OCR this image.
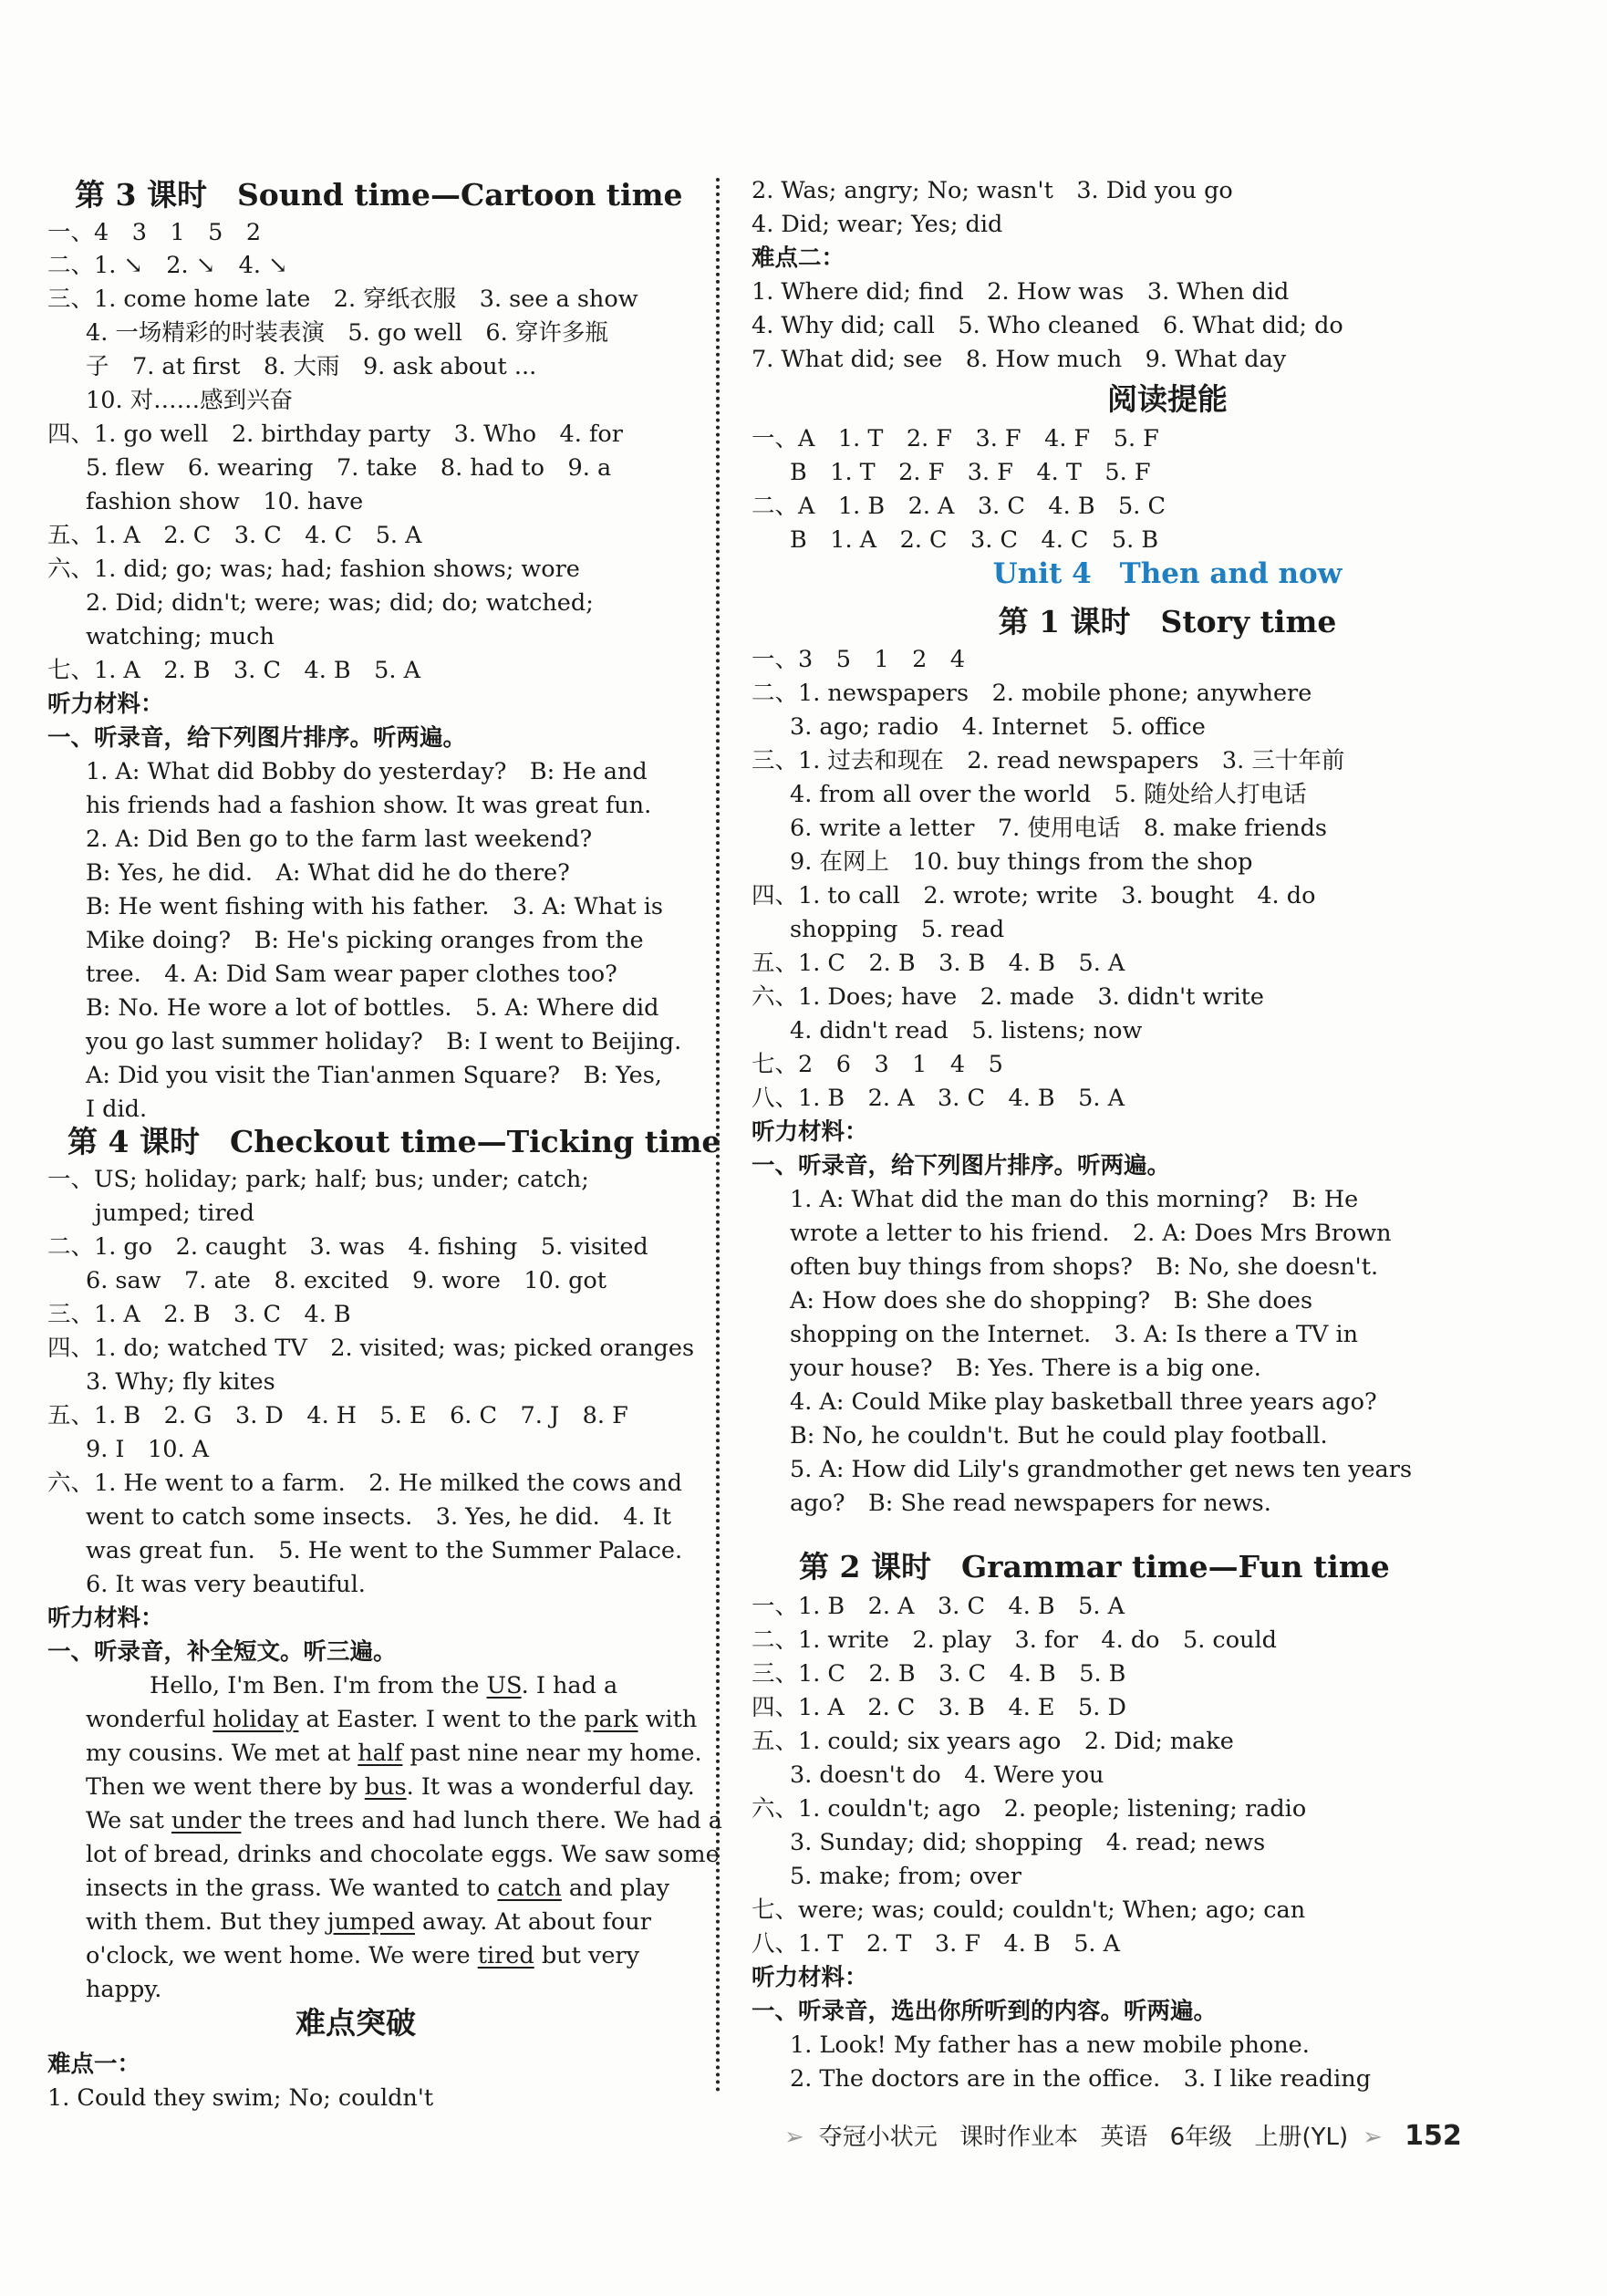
第 3 课时　Sound time—Cartoon time
一、4　3　1　5　2
二、1. ↘　2. ↘　4. ↘
三、1. come home late　2. 穿纸衣服　3. see a show
4. 一场精彩的时装表演　5. go well　6. 穿许多瓶
子　7. at first　8. 大雨　9. ask about ...
10. 对……感到兴奋
四、1. go well　2. birthday party　3. Who　4. for
5. flew　6. wearing　7. take　8. had to　9. a
fashion show　10. have
五、1. A　2. C　3. C　4. C　5. A
六、1. did; go; was; had; fashion shows; wore
2. Did; didn't; were; was; did; do; watched;
watching; much
七、1. A　2. B　3. C　4. B　5. A
听力材料：
一、听录音，给下列图片排序。听两遍。
1. A: What did Bobby do yesterday?　B: He and
his friends had a fashion show. It was great fun.
2. A: Did Ben go to the farm last weekend?
B: Yes, he did.　A: What did he do there?
B: He went fishing with his father.　3. A: What is
Mike doing?　B: He's picking oranges from the
tree.　4. A: Did Sam wear paper clothes too?
B: No. He wore a lot of bottles.　5. A: Where did
you go last summer holiday?　B: I went to Beijing.
A: Did you visit the Tian'anmen Square?　B: Yes,
I did.
第 4 课时　Checkout time—Ticking time
一、US; holiday; park; half; bus; under; catch;
jumped; tired
二、1. go　2. caught　3. was　4. fishing　5. visited
6. saw　7. ate　8. excited　9. wore　10. got
三、1. A　2. B　3. C　4. B
四、1. do; watched TV　2. visited; was; picked oranges
3. Why; fly kites
五、1. B　2. G　3. D　4. H　5. E　6. C　7. J　8. F
9. I　10. A
六、1. He went to a farm.　2. He milked the cows and
went to catch some insects.　3. Yes, he did.　4. It
was great fun.　5. He went to the Summer Palace.
6. It was very beautiful.
听力材料：
一、听录音，补全短文。听三遍。
Hello, I'm Ben. I'm from the US. I had a
wonderful holiday at Easter. I went to the park with
my cousins. We met at half past nine near my home.
Then we went there by bus. It was a wonderful day.
We sat under the trees and had lunch there. We had a
lot of bread, drinks and chocolate eggs. We saw some
insects in the grass. We wanted to catch and play
with them. But they jumped away. At about four
o'clock, we went home. We were tired but very
happy.
难点突破
难点一：
1. Could they swim; No; couldn't
2. Was; angry; No; wasn't　3. Did you go
4. Did; wear; Yes; did
难点二：
1. Where did; find　2. How was　3. When did
4. Why did; call　5. Who cleaned　6. What did; do
7. What did; see　8. How much　9. What day
阅读提能
一、A　1. T　2. F　3. F　4. F　5. F
B　1. T　2. F　3. F　4. T　5. F
二、A　1. B　2. A　3. C　4. B　5. C
B　1. A　2. C　3. C　4. C　5. B
Unit 4　Then and now
第 1 课时　Story time
一、3　5　1　2　4
二、1. newspapers　2. mobile phone; anywhere
3. ago; radio　4. Internet　5. office
三、1. 过去和现在　2. read newspapers　3. 三十年前
4. from all over the world　5. 随处给人打电话
6. write a letter　7. 使用电话　8. make friends
9. 在网上　10. buy things from the shop
四、1. to call　2. wrote; write　3. bought　4. do
shopping　5. read
五、1. C　2. B　3. B　4. B　5. A
六、1. Does; have　2. made　3. didn't write
4. didn't read　5. listens; now
七、2　6　3　1　4　5
八、1. B　2. A　3. C　4. B　5. A
听力材料：
一、听录音，给下列图片排序。听两遍。
1. A: What did the man do this morning?　B: He
wrote a letter to his friend.　2. A: Does Mrs Brown
often buy things from shops?　B: No, she doesn't.
A: How does she do shopping?　B: She does
shopping on the Internet.　3. A: Is there a TV in
your house?　B: Yes. There is a big one.
4. A: Could Mike play basketball three years ago?
B: No, he couldn't. But he could play football.
5. A: How did Lily's grandmother get news ten years
ago?　B: She read newspapers for news.
第 2 课时　Grammar time—Fun time
一、1. B　2. A　3. C　4. B　5. A
二、1. write　2. play　3. for　4. do　5. could
三、1. C　2. B　3. C　4. B　5. B
四、1. A　2. C　3. B　4. E　5. D
五、1. could; six years ago　2. Did; make
3. doesn't do　4. Were you
六、1. couldn't; ago　2. people; listening; radio
3. Sunday; did; shopping　4. read; news
5. make; from; over
七、were; was; could; couldn't; When; ago; can
八、1. T　2. T　3. F　4. B　5. A
听力材料：
一、听录音，选出你所听到的内容。听两遍。
1. Look! My father has a new mobile phone.
2. The doctors are in the office.　3. I like reading
➢ 夺冠小状元 课时作业本 英语 6年级 上册(YL) ➢ 152
